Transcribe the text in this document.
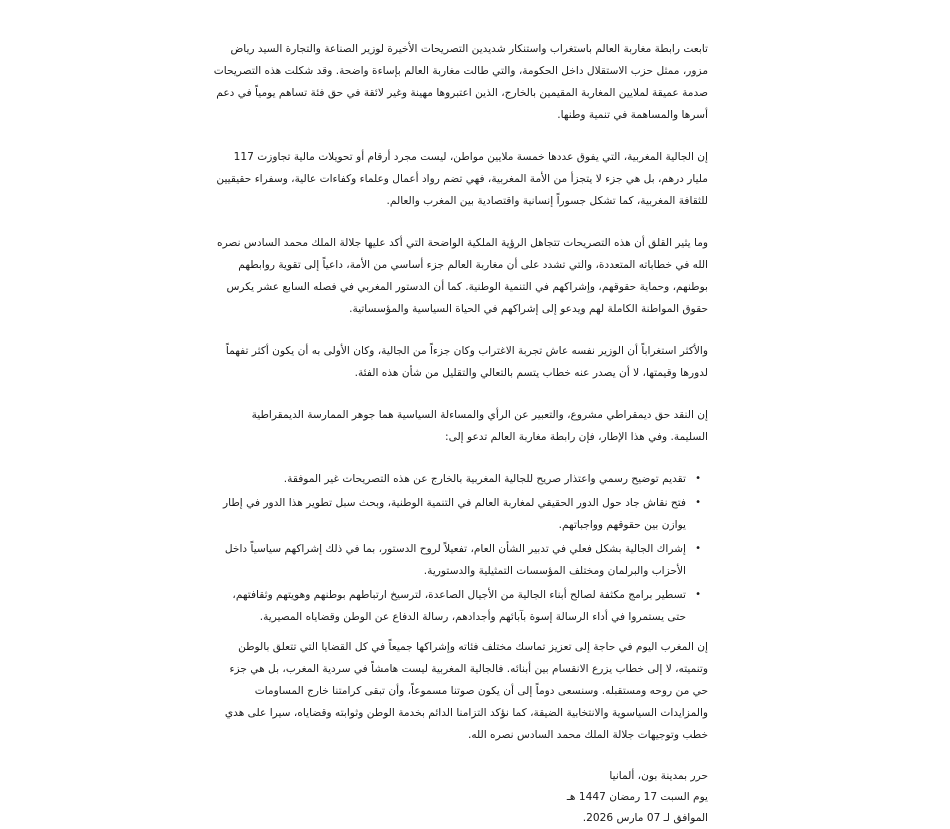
تابعت رابطة مغاربة العالم باستغراب واستنكار شديدين التصريحات الأخيرة لوزير الصناعة والتجارة السيد رياض مزور، ممثل حزب الاستقلال داخل الحكومة، والتي طالت مغاربة العالم بإساءة واضحة. وقد شكلت هذه التصريحات صدمة عميقة لملايين المغاربة المقيمين بالخارج، الذين اعتبروها مهينة وغير لائقة في حق فئة تساهم يومياً في دعم أسرها والمساهمة في تنمية وطنها.

إن الجالية المغربية، التي يفوق عددها خمسة ملايين مواطن، ليست مجرد أرقام أو تحويلات مالية تجاوزت 117 مليار درهم، بل هي جزء لا يتجزأ من الأمة المغربية، فهي تضم رواد أعمال وعلماء وكفاءات عالية، وسفراء حقيقيين للثقافة المغربية، كما تشكل جسوراً إنسانية واقتصادية بين المغرب والعالم.

وما يثير القلق أن هذه التصريحات تتجاهل الرؤية الملكية الواضحة التي أكد عليها جلالة الملك محمد السادس نصره الله في خطاباته المتعددة، والتي تشدد على أن مغاربة العالم جزء أساسي من الأمة، داعياً إلى تقوية روابطهم بوطنهم، وحماية حقوقهم، وإشراكهم في التنمية الوطنية. كما أن الدستور المغربي في فصله السابع عشر يكرس حقوق المواطنة الكاملة لهم ويدعو إلى إشراكهم في الحياة السياسية والمؤسساتية.

والأكثر استغراباً أن الوزير نفسه عاش تجربة الاغتراب وكان جزءاً من الجالية، وكان الأولى به أن يكون أكثر تفهماً لدورها وقيمتها، لا أن يصدر عنه خطاب يتسم بالتعالي والتقليل من شأن هذه الفئة.

إن النقد حق ديمقراطي مشروع، والتعبير عن الرأي والمساءلة السياسية هما جوهر الممارسة الديمقراطية السليمة. وفي هذا الإطار، فإن رابطة مغاربة العالم تدعو إلى:

•
تقديم توضيح رسمي واعتذار صريح للجالية المغربية بالخارج عن هذه التصريحات غير الموفقة.
•
فتح نقاش جاد حول الدور الحقيقي لمغاربة العالم في التنمية الوطنية، وبحث سبل تطوير هذا الدور في إطار يوازن بين حقوقهم وواجباتهم.
•
إشراك الجالية بشكل فعلي في تدبير الشأن العام، تفعيلاً لروح الدستور، بما في ذلك إشراكهم سياسياً داخل الأحزاب والبرلمان ومختلف المؤسسات التمثيلية والدستورية.
•
تسطير برامج مكثفة لصالح أبناء الجالية من الأجيال الصاعدة، لترسيخ ارتباطهم بوطنهم وهويتهم وثقافتهم، حتى يستمروا في أداء الرسالة إسوة بآبائهم وأجدادهم، رسالة الدفاع عن الوطن وقضاياه المصيرية.

إن المغرب اليوم في حاجة إلى تعزيز تماسك مختلف فئاته وإشراكها جميعاً في كل القضايا التي تتعلق بالوطن وتنميته، لا إلى خطاب يزرع الانقسام بين أبنائه. فالجالية المغربية ليست هامشاً في سردية المغرب، بل هي جزء حي من روحه ومستقبله. وسنسعى دوماً إلى أن يكون صوتنا مسموعاً، وأن تبقى كرامتنا خارج المساومات والمزايدات السياسوية والانتخابية الضيقة، كما نؤكد التزامنا الدائم بخدمة الوطن وثوابته وقضاياه، سيرا على هدي خطب وتوجيهات جلالة الملك محمد السادس نصره الله.

حرر بمدينة بون، ألمانيا
يوم السبت 17 رمضان 1447 هـ
الموافق لـ 07 مارس 2026.
